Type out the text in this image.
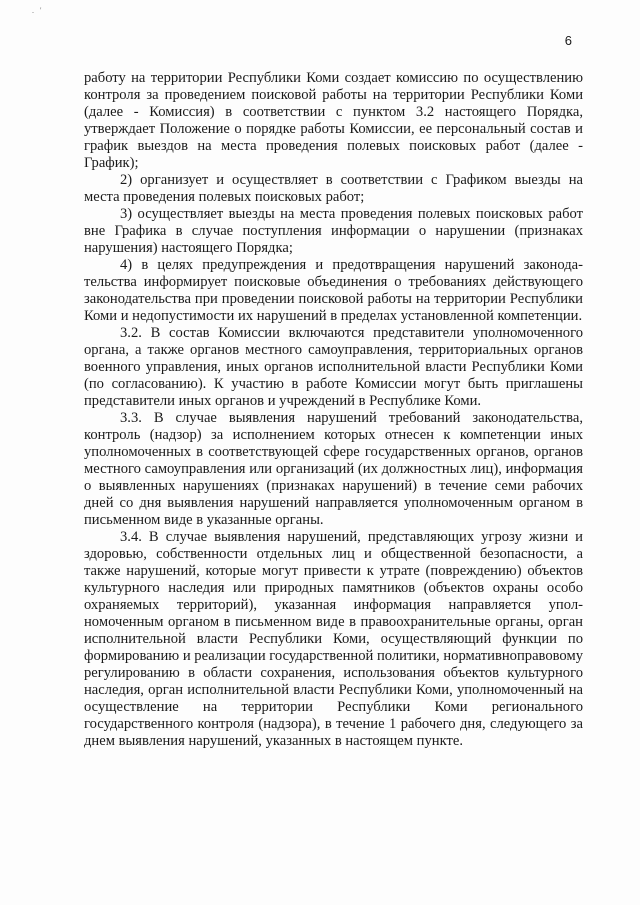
. '
6

работу на территории Республики Коми создает комиссию по осуществлению контроля за проведением поисковой работы на территории Республики Коми (далее - Комиссия) в соответствии с пунктом 3.2 настоящего Порядка, утверждает Положение о порядке работы Комиссии, ее персональный состав и график выездов на места проведения полевых поисковых работ (далее - График);

2) организует и осуществляет в соответствии с Графиком выезды на места проведения полевых поисковых работ;

3) осуществляет выезды на места проведения полевых поисковых работ вне Графика в случае поступления информации о нарушении (признаках нарушения) настоящего Порядка;

4) в целях предупреждения и предотвращения нарушений законодательства информирует поисковые объединения о требованиях действующего законодательства при проведении поисковой работы на территории Республики Коми и недопустимости их нарушений в пределах установленной компетенции.

3.2. В состав Комиссии включаются представители уполномоченного органа, а также органов местного самоуправления, территориальных органов военного управления, иных органов исполнительной власти Республики Коми (по согласованию). К участию в работе Комиссии могут быть приглашены представители иных органов и учреждений в Республике Коми.

3.3. В случае выявления нарушений требований законодательства, контроль (надзор) за исполнением которых отнесен к компетенции иных уполномоченных в соответствующей сфере государственных органов, органов местного самоуправления или организаций (их должностных лиц), информация о выявленных нарушениях (признаках нарушений) в течение семи рабочих дней со дня выявления нарушений направляется уполномоченным органом в письменном виде в указанные органы.

3.4. В случае выявления нарушений, представляющих угрозу жизни и здоровью, собственности отдельных лиц и общественной безопасности, а также нарушений, которые могут привести к утрате (повреждению) объектов культурного наследия или природных памятников (объектов охраны особо охраняемых территорий), указанная информация направляется уполномоченным органом в письменном виде в правоохранительные органы, орган исполнительной власти Республики Коми, осуществляющий функции по формированию и реализации государственной политики, нормативноправовому регулированию в области сохранения, использования объектов культурного наследия, орган исполнительной власти Республики Коми, уполномоченный на осуществление на территории Республики Коми регионального государственного контроля (надзора), в течение 1 рабочего дня, следующего за днем выявления нарушений, указанных в настоящем пункте.
